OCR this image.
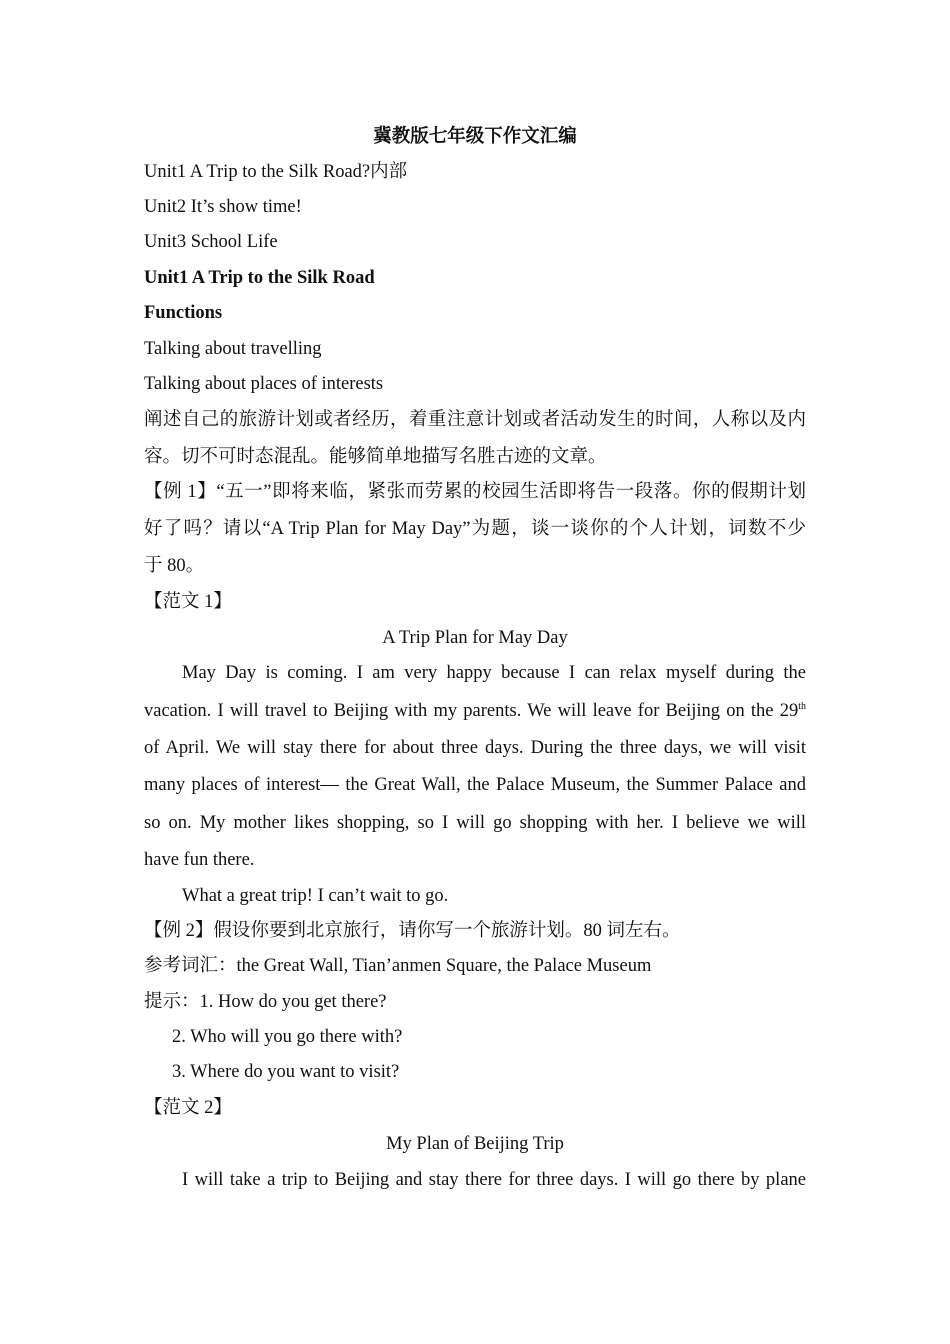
冀教版七年级下作文汇编
Unit1 A Trip to the Silk Road?内部
Unit2 It’s show time!
Unit3 School Life
Unit1 A Trip to the Silk Road
Functions
Talking about travelling
Talking about places of interests
阐述自己的旅游计划或者经历，着重注意计划或者活动发生的时间，人称以及内
容。切不可时态混乱。能够简单地描写名胜古迹的文章。
【例 1】“五一”即将来临，紧张而劳累的校园生活即将告一段落。你的假期计划
好了吗？请以“A Trip Plan for May Day”为题，谈一谈你的个人计划，词数不少
于 80。
【范文 1】
A Trip Plan for May Day
May Day is coming. I am very happy because I can relax myself during the
vacation. I will travel to Beijing with my parents. We will leave for Beijing on the 29th
of April. We will stay there for about three days. During the three days, we will visit
many places of interest— the Great Wall, the Palace Museum, the Summer Palace and
so on. My mother likes shopping, so I will go shopping with her. I believe we will
have fun there.
What a great trip! I can’t wait to go.
【例 2】假设你要到北京旅行，请你写一个旅游计划。80 词左右。
参考词汇：the Great Wall, Tian’anmen Square, the Palace Museum
提示：1. How do you get there?
2. Who will you go there with?
3. Where do you want to visit?
【范文 2】
My Plan of Beijing Trip
I will take a trip to Beijing and stay there for three days. I will go there by plane
